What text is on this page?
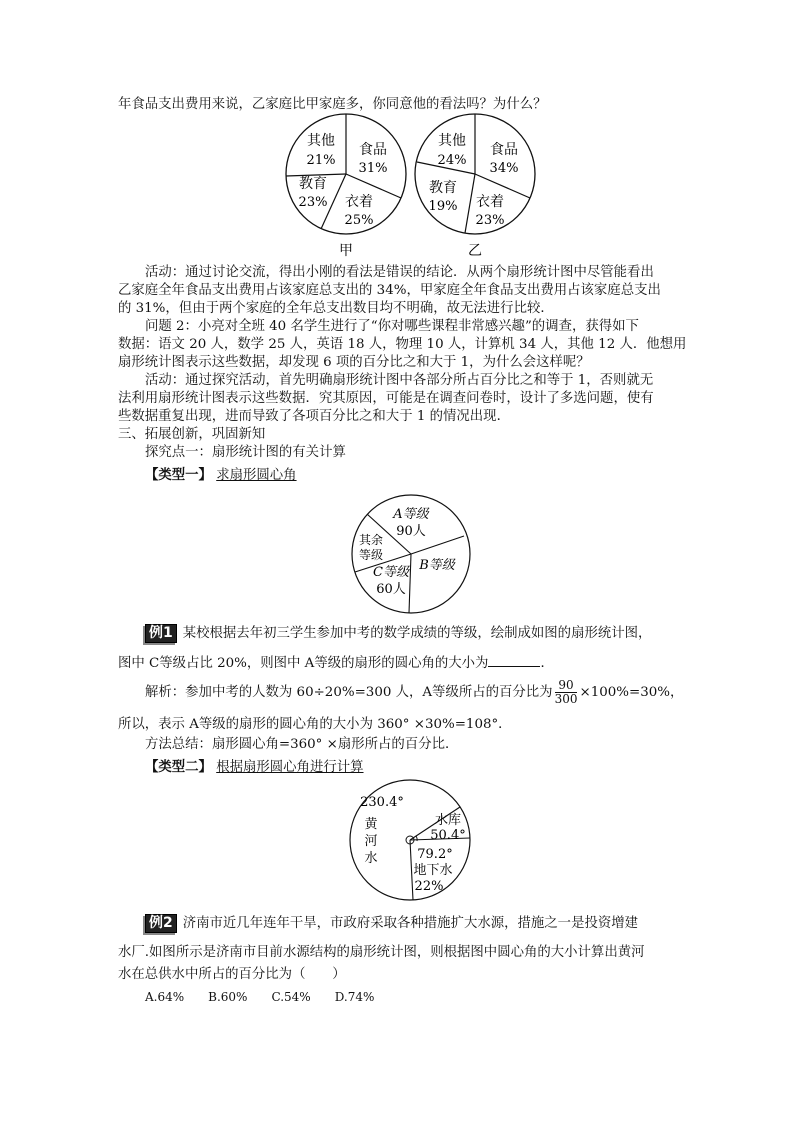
年食品支出费用来说，乙家庭比甲家庭多，你同意他的看法吗？为什么？
其他
21%
食品
31%
教育
23% 衣着
25%
甲
其他
24%
食品
34%
教育
19% 衣着
23%
乙
活动：通过讨论交流，得出小刚的看法是错误的结论．从两个扇形统计图中尽管能看出
乙家庭全年食品支出费用占该家庭总支出的 34%，甲家庭全年食品支出费用占该家庭总支出
的 31%，但由于两个家庭的全年总支出数目均不明确，故无法进行比较．
问题 2：小亮对全班 40 名学生进行了“你对哪些课程非常感兴趣”的调查，获得如下
数据：语文 20 人，数学 25 人，英语 18 人，物理 10 人，计算机 34 人，其他 12 人．他想用
扇形统计图表示这些数据，却发现 6 项的百分比之和大于 1，为什么会这样呢？
活动：通过探究活动，首先明确扇形统计图中各部分所占百分比之和等于 1，否则就无
法利用扇形统计图表示这些数据．究其原因，可能是在调查问卷时，设计了多选问题，使有
些数据重复出现，进而导致了各项百分比之和大于 1 的情况出现．
三、拓展创新，巩固新知
探究点一：扇形统计图的有关计算
【类型一】 求扇形圆心角
A等级
90人
其余
等级
B等级
C等级
60人
例1 某校根据去年初三学生参加中考的数学成绩的等级，绘制成如图的扇形统计图，
图中 C等级占比 20%，则图中 A等级的扇形的圆心角的大小为	．
解析：参加中考的人数为 60÷20%=300 人，A等级所占的百分比为 $\frac{90}{300} \times 100\%=30\%$，
所以，表示 A等级的扇形的圆心角的大小为 360° ×30%=108°．
方法总结：扇形圆心角=360° ×扇形所占的百分比．
【类型二】 根据扇形圆心角进行计算
230.4°
黄
河
水
水库
50.4°
79.2°
地下水
22%
例2 济南市近几年连年干旱，市政府采取各种措施扩大水源，措施之一是投资增建
水厂.如图所示是济南市目前水源结构的扇形统计图，则根据图中圆心角的大小计算出黄河
水在总供水中所占的百分比为（　　）
A.64%　　B.60%　　C.54%　　D.74%
